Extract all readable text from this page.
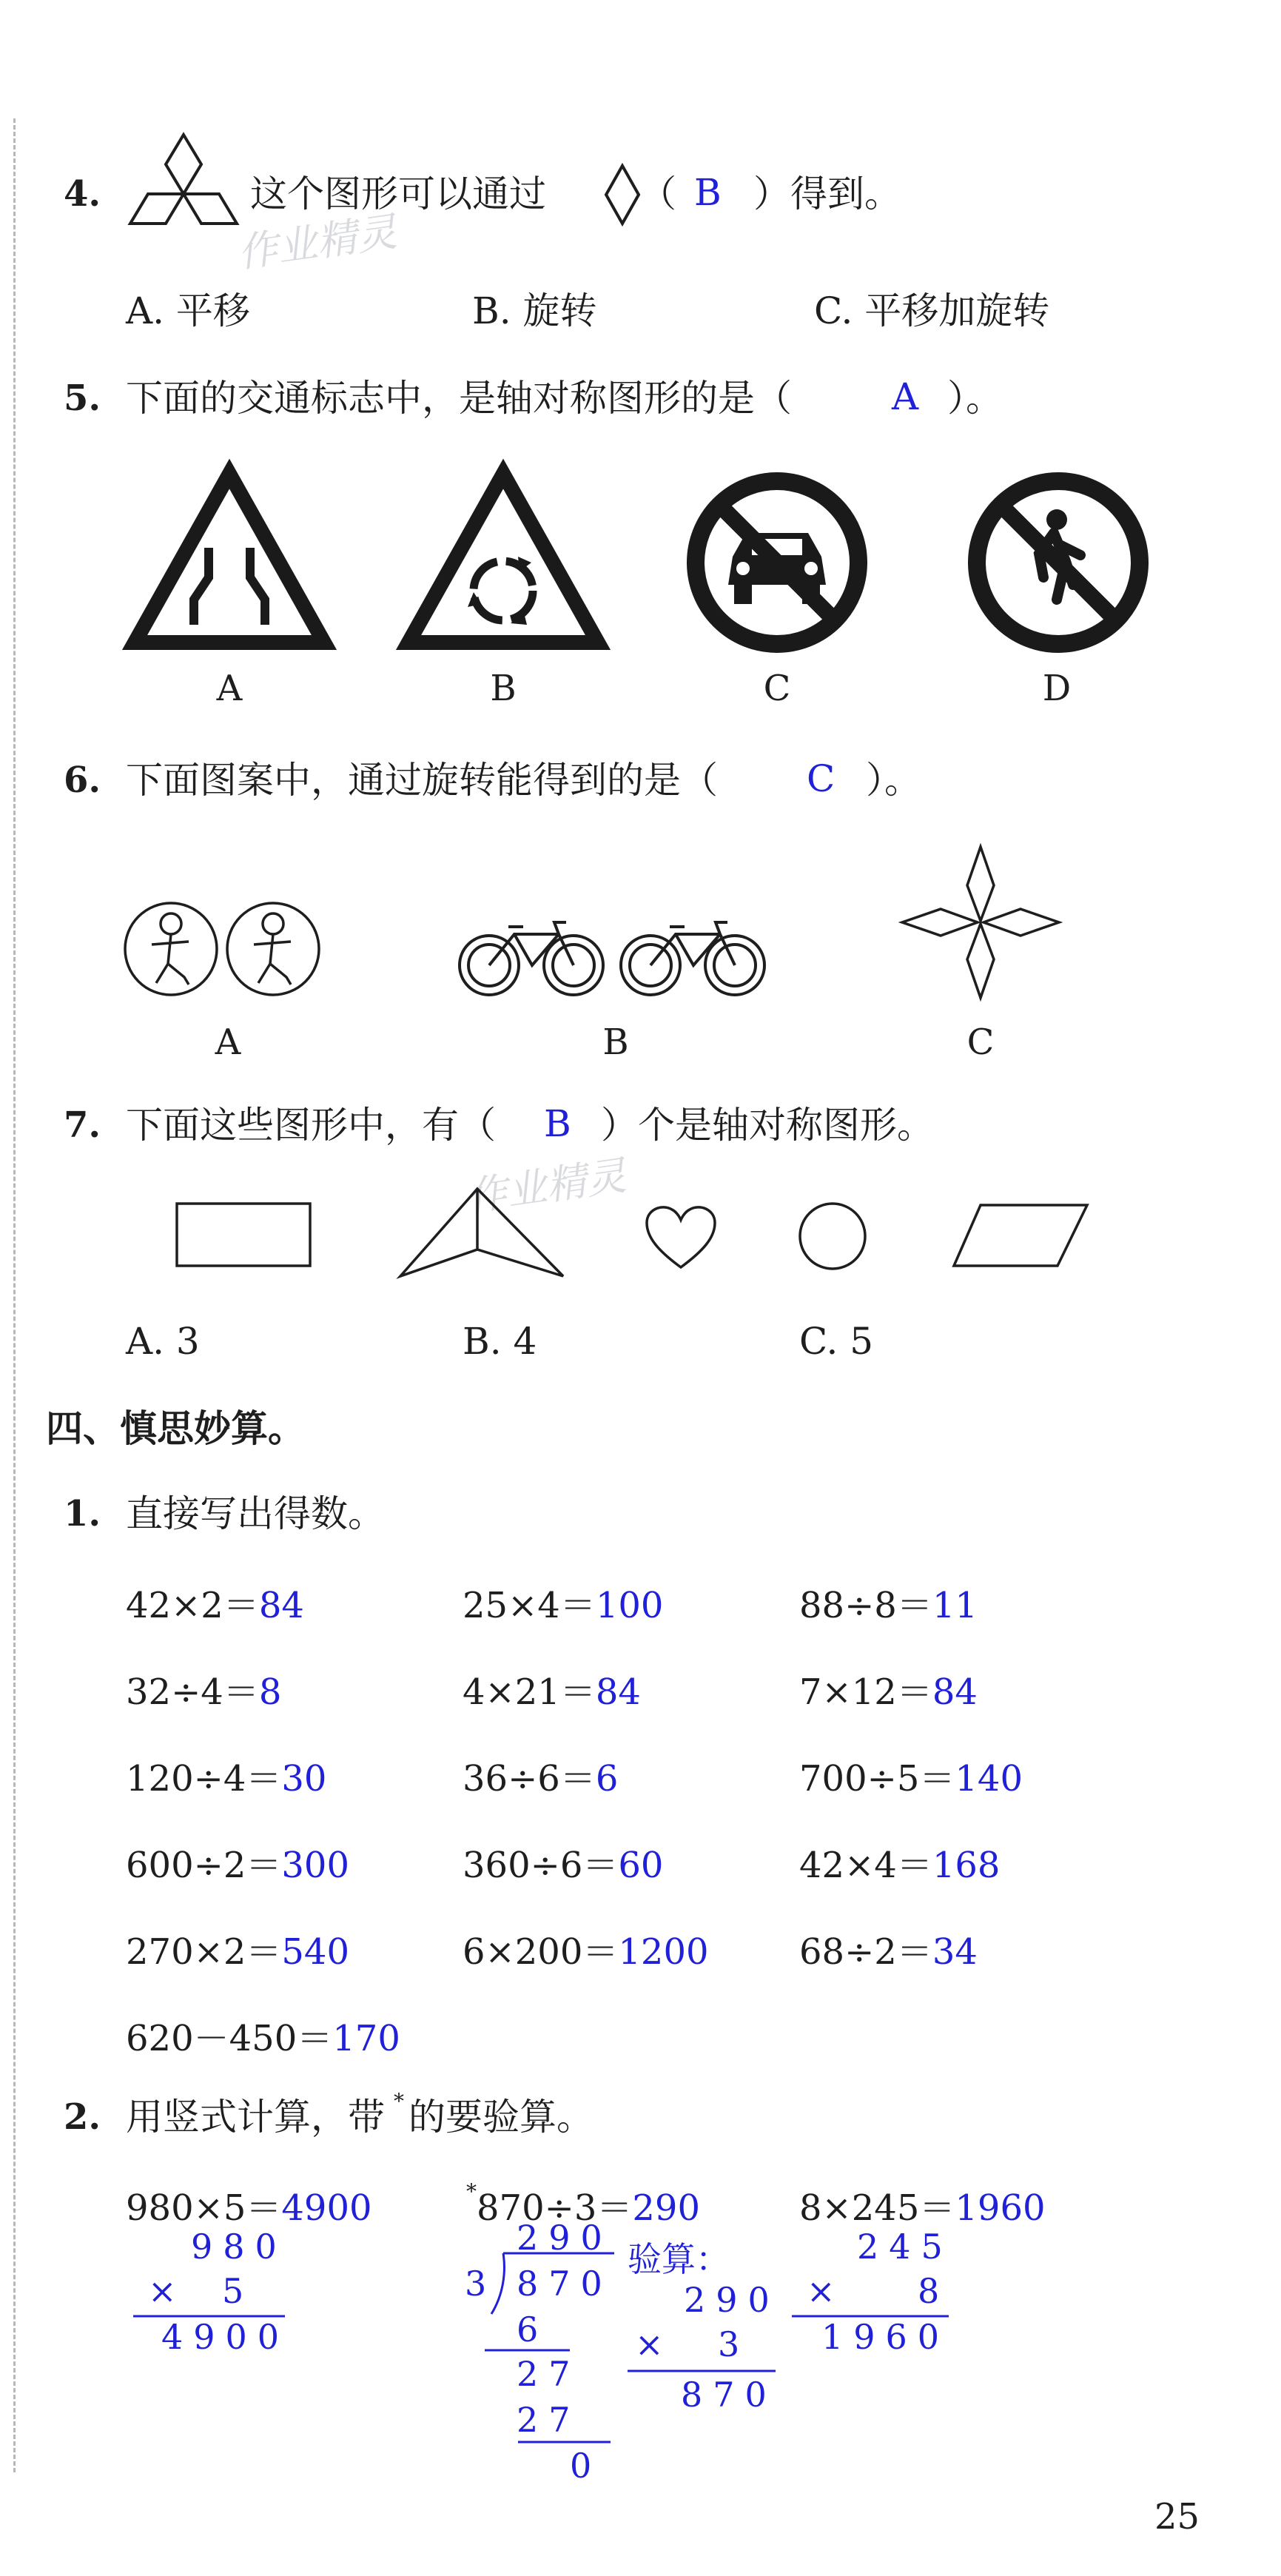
4.	这个图形可以通过	（ B ）得到。
作业精灵
A. 平移	B. 旋转	C. 平移加旋转
5. 下面的交通标志中，是轴对称图形的是（	A ）。
A	B	C	D
6. 下面图案中，通过旋转能得到的是（ C ）。
A	B	C
7. 下面这些图形中，有（ B ）个是轴对称图形。
作业精灵
A. 3	B. 4	C. 5
四、慎思妙算。
1. 直接写出得数。
42×2＝84	25×4＝100	88÷8＝11
32÷4＝8	4×21＝84	7×12＝84
120÷4＝30	36÷6＝6	700÷5＝140
600÷2＝300	360÷6＝60	42×4＝168
270×2＝540	6×200＝1200	68÷2＝34
620－450＝170
2. 用竖式计算，带 * 的要验算。
980×5＝4900	*870÷3＝290	8×245＝1960
980
× 5
4900
290
3 870
6
27
27
0
验算：
290
× 3
870
245
× 8
1960
25
